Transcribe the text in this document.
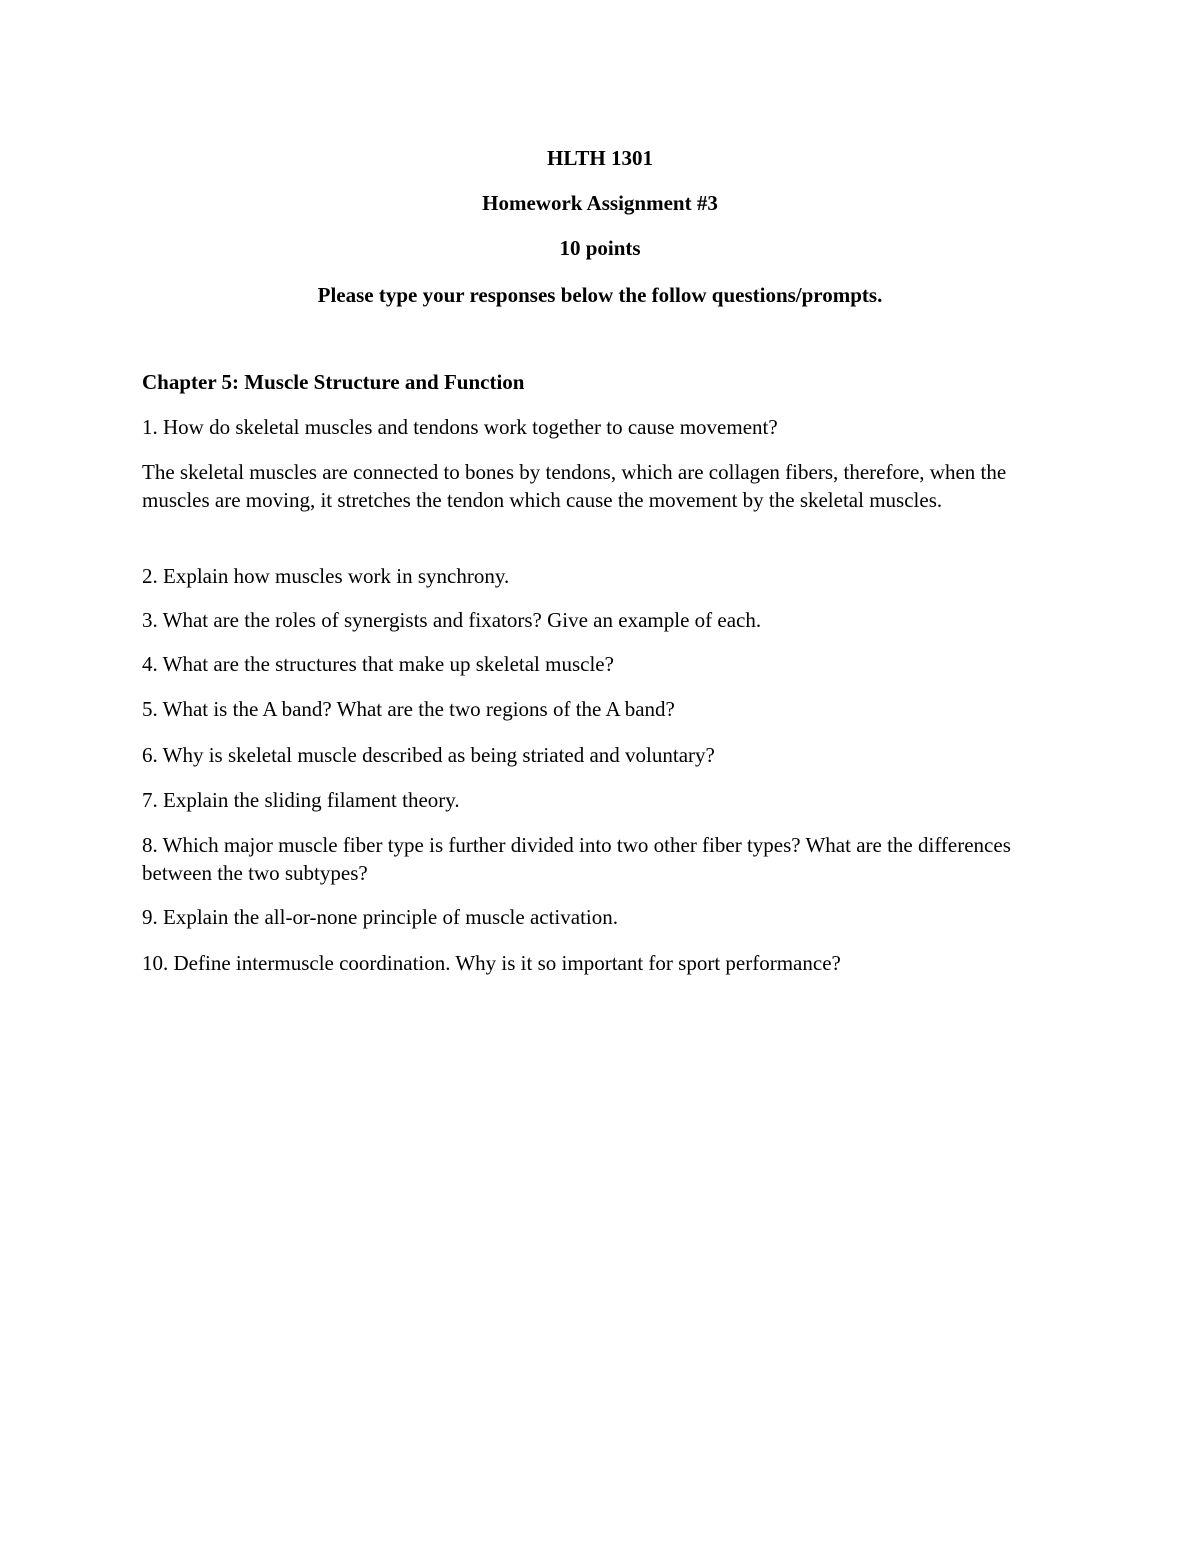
HLTH 1301
Homework Assignment #3
10 points
Please type your responses below the follow questions/prompts.
Chapter 5: Muscle Structure and Function
1. How do skeletal muscles and tendons work together to cause movement?
The skeletal muscles are connected to bones by tendons, which are collagen fibers, therefore, when the muscles are moving, it stretches the tendon which cause the movement by the skeletal muscles.
2. Explain how muscles work in synchrony.
3. What are the roles of synergists and fixators? Give an example of each.
4. What are the structures that make up skeletal muscle?
5. What is the A band? What are the two regions of the A band?
6. Why is skeletal muscle described as being striated and voluntary?
7. Explain the sliding filament theory.
8. Which major muscle fiber type is further divided into two other fiber types? What are the differences between the two subtypes?
9. Explain the all-or-none principle of muscle activation.
10. Define intermuscle coordination. Why is it so important for sport performance?
